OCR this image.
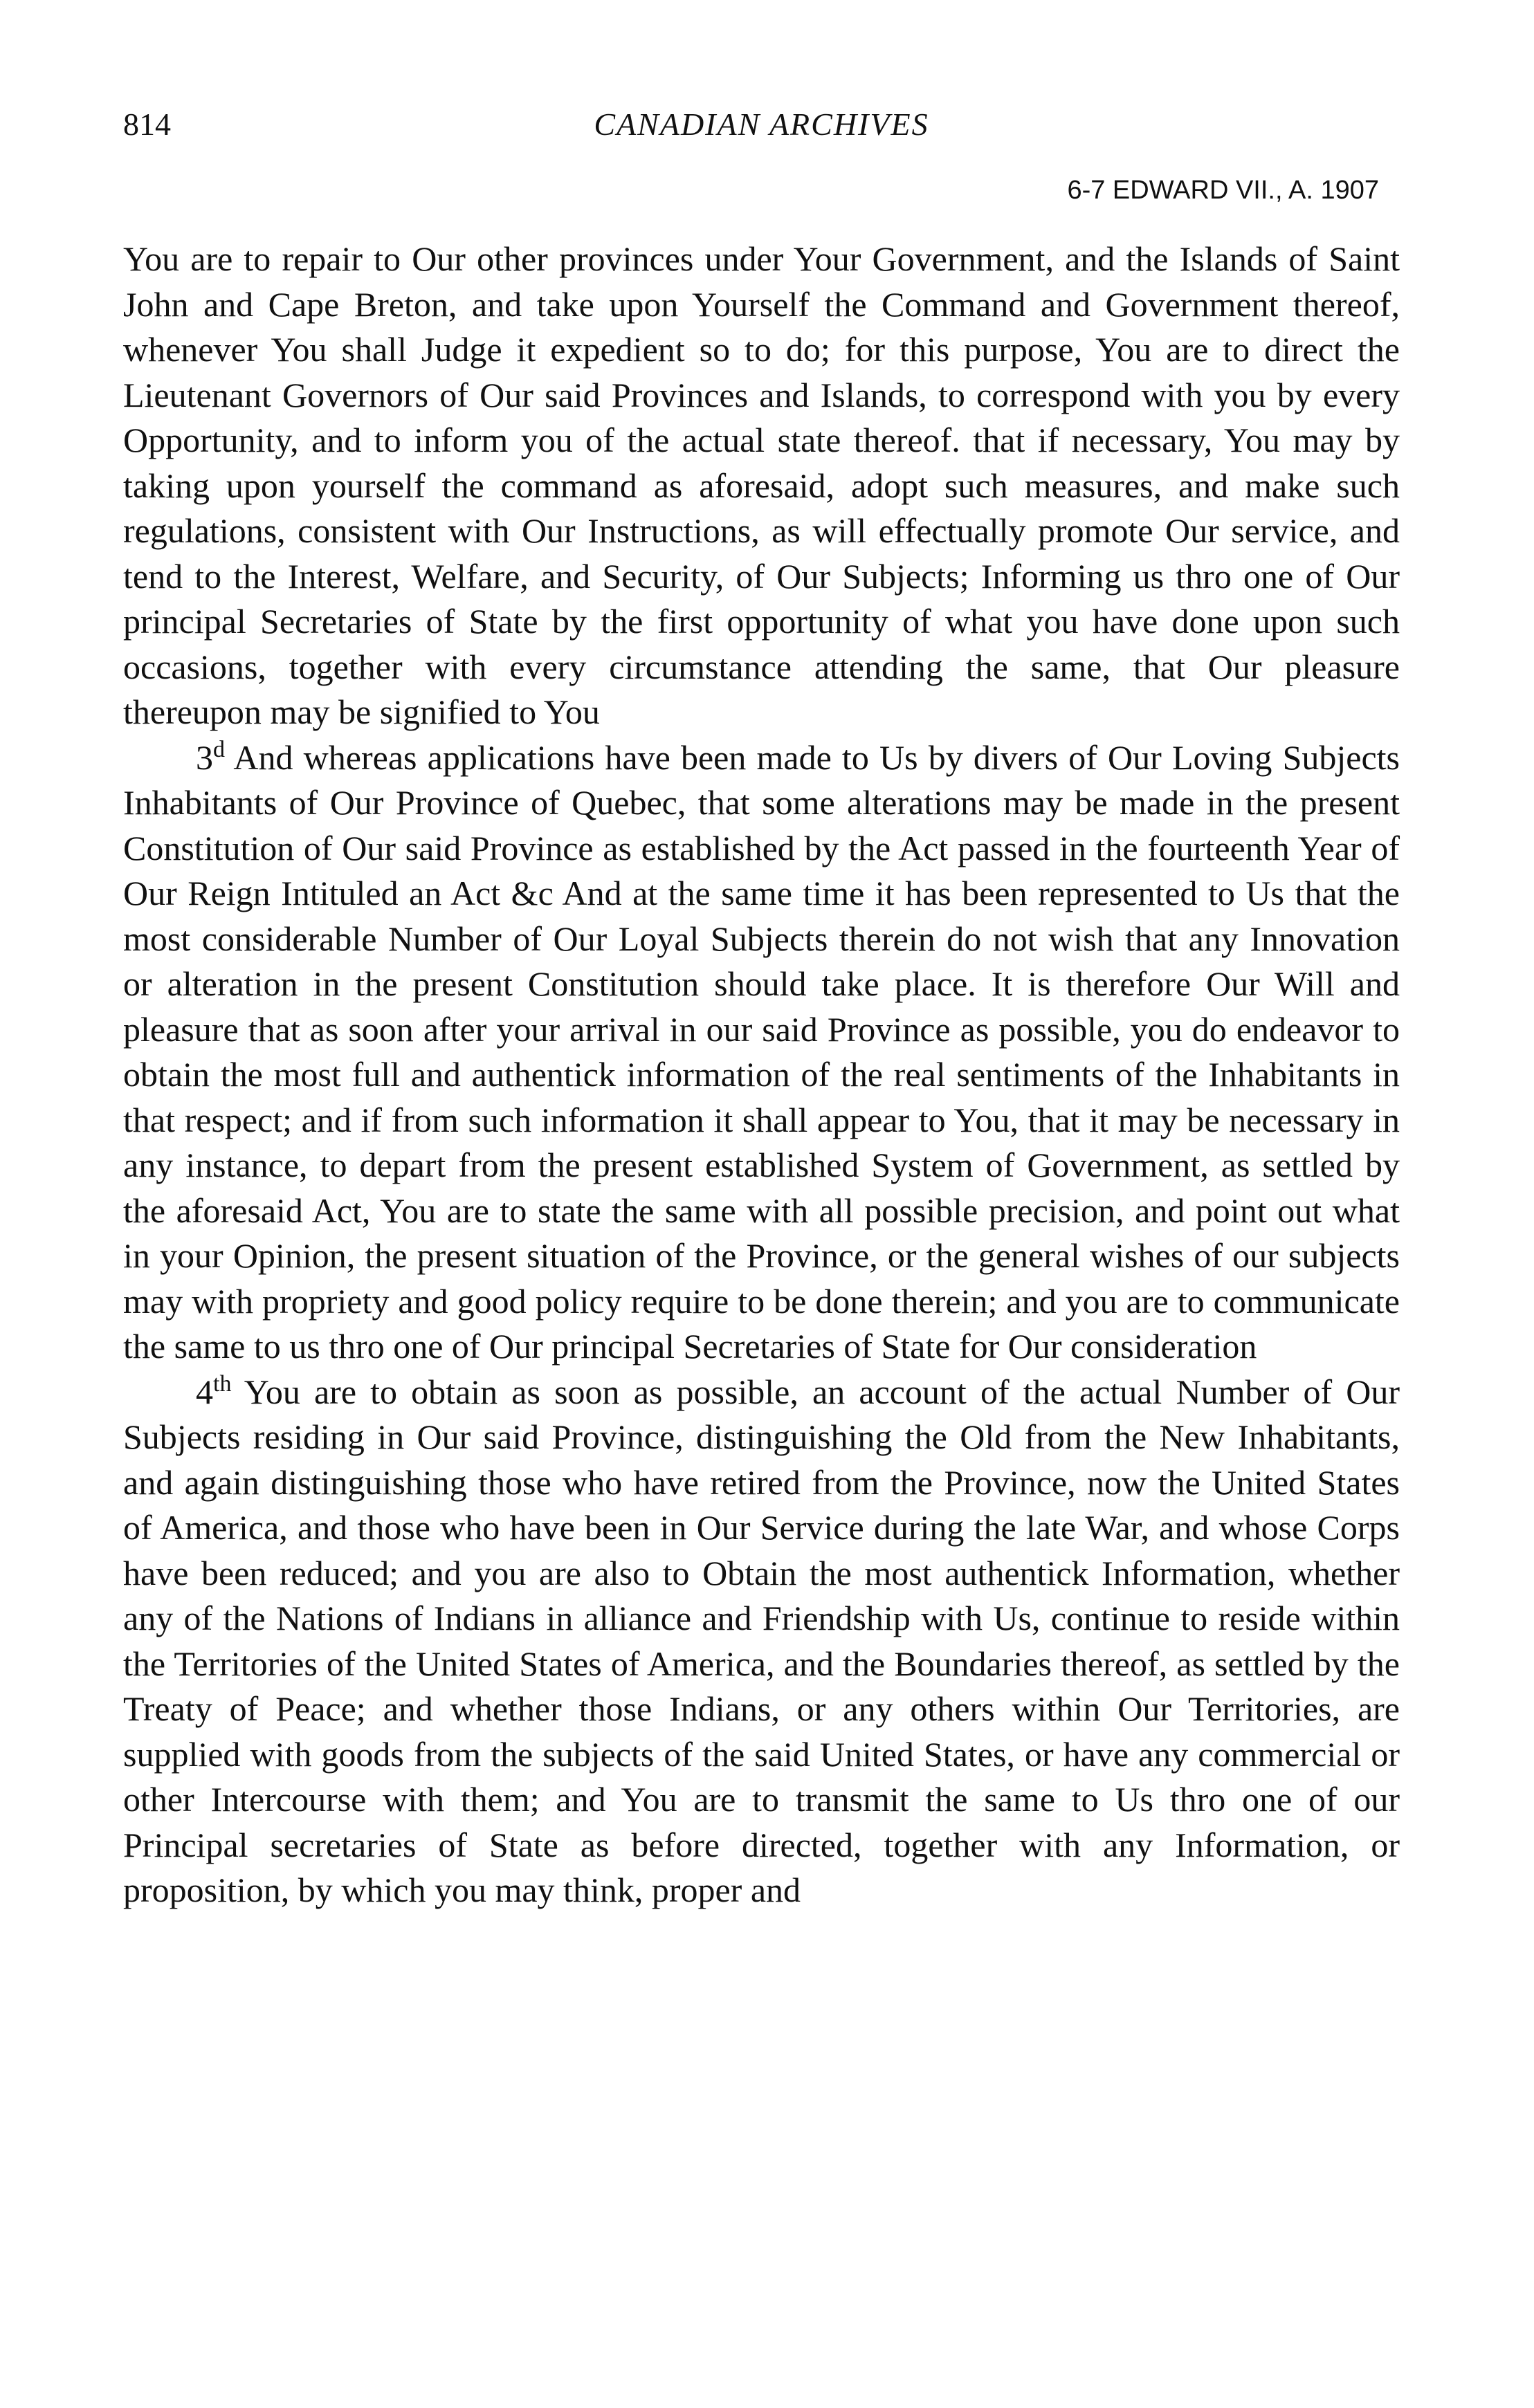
814	CANADIAN ARCHIVES
6-7 EDWARD VII., A. 1907

You are to repair to Our other provinces under Your Government, and the Islands of Saint John and Cape Breton, and take upon Yourself the Command and Government thereof, whenever You shall Judge it expedient so to do; for this purpose, You are to direct the Lieutenant Governors of Our said Provinces and Islands, to correspond with you by every Opportunity, and to inform you of the actual state thereof. that if necessary, You may by taking upon yourself the command as aforesaid, adopt such measures, and make such regulations, consistent with Our Instructions, as will effectually promote Our service, and tend to the Interest, Welfare, and Security, of Our Subjects; Informing us thro one of Our principal Secretaries of State by the first opportunity of what you have done upon such occasions, together with every circumstance attending the same, that Our pleasure thereupon may be signified to You

3$^d$ And whereas applications have been made to Us by divers of Our Loving Subjects Inhabitants of Our Province of Quebec, that some alterations may be made in the present Constitution of Our said Province as established by the Act passed in the fourteenth Year of Our Reign Intituled an Act &c And at the same time it has been represented to Us that the most considerable Number of Our Loyal Subjects therein do not wish that any Innovation or alteration in the present Constitution should take place. It is therefore Our Will and pleasure that as soon after your arrival in our said Province as possible, you do endeavor to obtain the most full and authentick information of the real sentiments of the Inhabitants in that respect; and if from such information it shall appear to You, that it may be necessary in any instance, to depart from the present established System of Government, as settled by the aforesaid Act, You are to state the same with all possible precision, and point out what in your Opinion, the present situation of the Province, or the general wishes of our subjects may with propriety and good policy require to be done therein; and you are to communicate the same to us thro one of Our principal Secretaries of State for Our consideration

4th You are to obtain as soon as possible, an account of the actual Number of Our Subjects residing in Our said Province, distinguishing the Old from the New Inhabitants, and again distinguishing those who have retired from the Province, now the United States of America, and those who have been in Our Service during the late War, and whose Corps have been reduced; and you are also to Obtain the most authentick Information, whether any of the Nations of Indians in alliance and Friendship with Us, continue to reside within the Territories of the United States of America, and the Boundaries thereof, as settled by the Treaty of Peace; and whether those Indians, or any others within Our Territories, are supplied with goods from the subjects of the said United States, or have any commercial or other Intercourse with them; and You are to transmit the same to Us thro one of our Principal secretaries of State as before directed, together with any Information, or proposition, by which you may think, proper and
